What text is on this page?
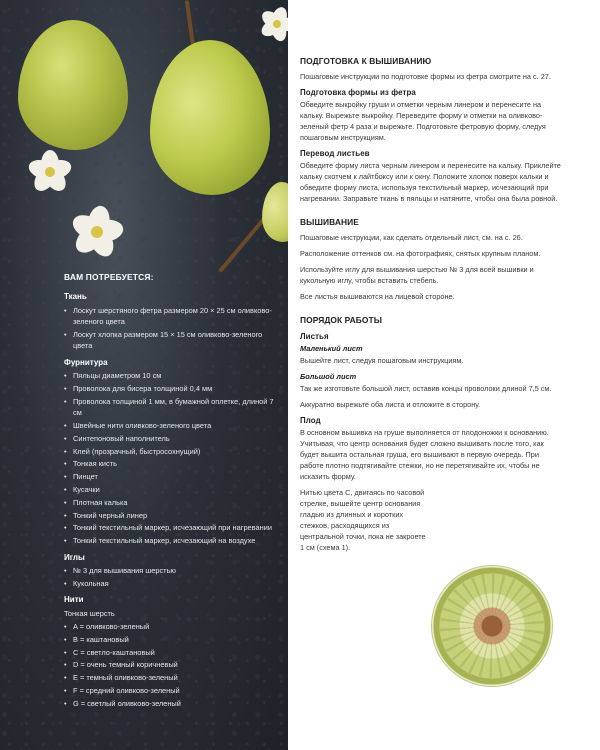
ВАМ ПОТРЕБУЕТСЯ:
Ткань
• Лоскут шерстяного фетра размером 20 × 25 см оливково-зеленого цвета
• Лоскут хлопка размером 15 × 15 см оливково-зеленого цвета
Фурнитура
• Пяльцы диаметром 10 см
• Проволока для бисера толщиной 0,4 мм
• Проволока толщиной 1 мм, в бумажной оплетке, длиной 7 см
• Швейные нити оливково-зеленого цвета
• Синтепоновый наполнитель
• Клей (прозрачный, быстросохнущий)
• Тонкая кисть
• Пинцет
• Кусачки
• Плотная калька
• Тонкий черный линер
• Тонкий текстильный маркер, исчезающий при нагревании
• Тонкий текстильный маркер, исчезающий на воздухе
Иглы
• № 3 для вышивания шерстью
• Кукольная
Нити
Тонкая шерсть
• A = оливково-зеленый
• B = каштановый
• C = светло-каштановый
• D = очень темный коричневый
• E = темный оливково-зеленый
• F = средний оливково-зеленый
• G = светлый оливково-зеленый
ПОДГОТОВКА К ВЫШИВАНИЮ

Пошаговые инструкции по подготовке формы из фетра смотрите на с. 27.

Подготовка формы из фетра

Обведите выкройку груши и отметки черным линером и перенесите на кальку. Вырежьте выкройку. Переведите форму и отметки на оливково-зеленый фетр 4 раза и вырежьте. Подготовьте фетровую форму, следуя пошаговым инструкциям.

Перевод листьев

Обведите форму листа черным линером и перенесите на кальку. Приклейте кальку скотчем к лайтбоксу или к окну. Положите хлопок поверх кальки и обведите форму листа, используя текстильный маркер, исчезающий при нагревании. Заправьте ткань в пяльцы и натяните, чтобы она была ровной.

ВЫШИВАНИЕ

Пошаговые инструкции, как сделать отдельный лист, см. на с. 26.

Расположение оттенков см. на фотографиях, снятых крупным планом.

Используйте иглу для вышивания шерстью № 3 для всей вышивки и кукольную иглу, чтобы вставить стебель.

Все листья вышиваются на лицевой стороне.

ПОРЯДОК РАБОТЫ
Листья
Маленький лист

Вышейте лист, следуя пошаговым инструкциям.

Большой лист

Так же изготовьте большой лист, оставив концы проволоки длиной 7,5 см.

Аккуратно вырежьте оба листа и отложите в сторону.

Плод

В основном вышивка на груше выполняется от плодоножки к основанию. Учитывая, что центр основания будет сложно вышивать после того, как будет вышита остальная груша, его вышивают в первую очередь. При работе плотно подтягивайте стежки, но не перетягивайте их, чтобы не исказить форму.

Нитью цвета C, двигаясь по часовой стрелке, вышейте центр основания гладью из длинных и коротких стежков, расходящихся из центральной точки, пока не закроете 1 см (схема 1).
